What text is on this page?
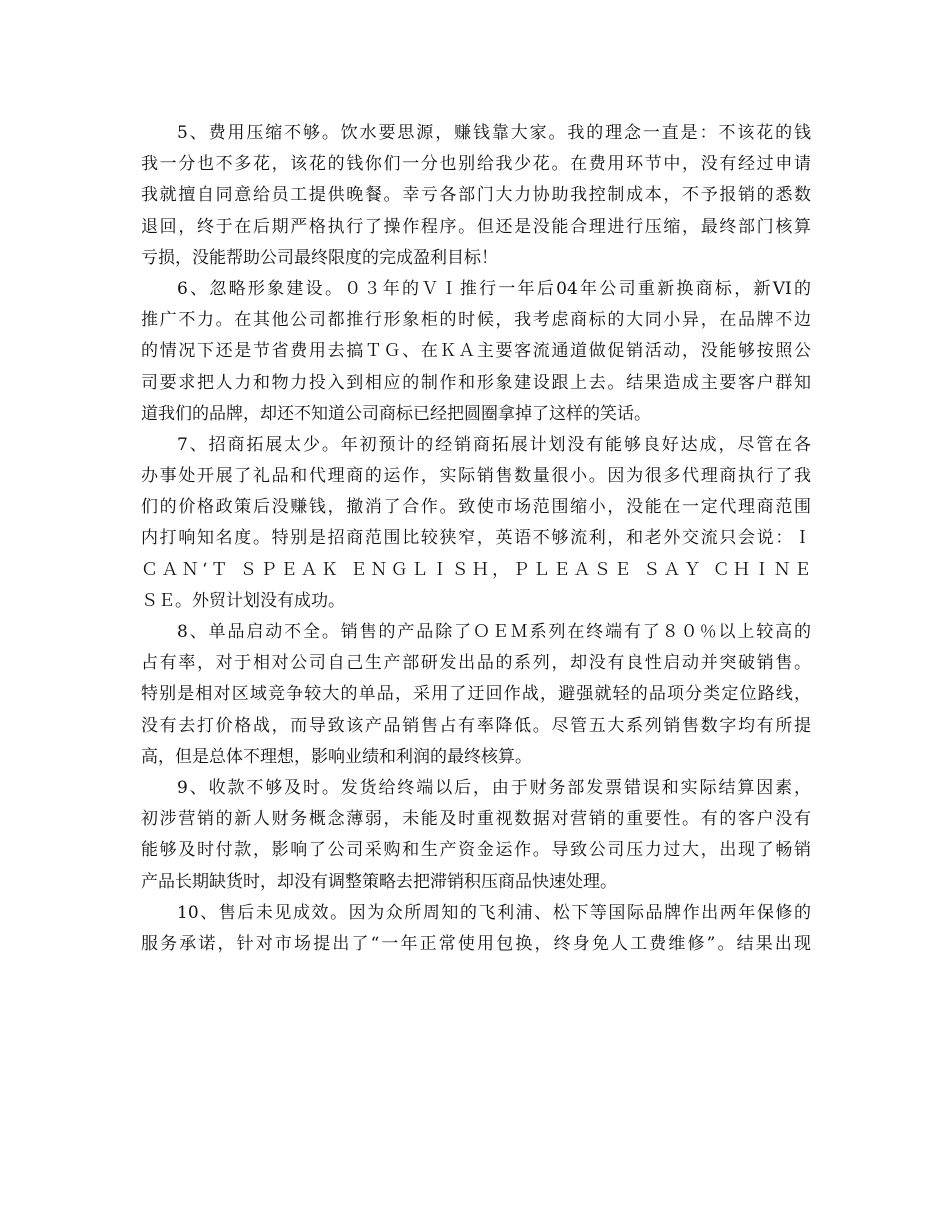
5、费用压缩不够。饮水要思源，赚钱靠大家。我的理念一直是：不该花的钱
我一分也不多花，该花的钱你们一分也别给我少花。在费用环节中，没有经过申请
我就擅自同意给员工提供晚餐。幸亏各部门大力协助我控制成本，不予报销的悉数
退回，终于在后期严格执行了操作程序。但还是没能合理进行压缩，最终部门核算
亏损，没能帮助公司最终限度的完成盈利目标！
6、忽略形象建设。０３年的ＶＩ推行一年后04年公司重新换商标，新VI的
推广不力。在其他公司都推行形象柜的时候，我考虑商标的大同小异，在品牌不边
的情况下还是节省费用去搞ＴＧ、在ＫＡ主要客流通道做促销活动，没能够按照公
司要求把人力和物力投入到相应的制作和形象建设跟上去。结果造成主要客户群知
道我们的品牌，却还不知道公司商标已经把圆圈拿掉了这样的笑话。
7、招商拓展太少。年初预计的经销商拓展计划没有能够良好达成，尽管在各
办事处开展了礼品和代理商的运作，实际销售数量很小。因为很多代理商执行了我
们的价格政策后没赚钱，撤消了合作。致使市场范围缩小，没能在一定代理商范围
内打响知名度。特别是招商范围比较狭窄，英语不够流利，和老外交流只会说：Ｉ
ＣＡＮ‘Ｔ ＳＰＥＡＫ ＥＮＧＬＩＳＨ，ＰＬＥＡＳＥ ＳＡＹ ＣＨＩＮＥ
ＳＥ。外贸计划没有成功。
8、单品启动不全。销售的产品除了ＯＥＭ系列在终端有了８０％以上较高的
占有率，对于相对公司自己生产部研发出品的系列，却没有良性启动并突破销售。
特别是相对区域竞争较大的单品，采用了迂回作战，避强就轻的品项分类定位路线，
没有去打价格战，而导致该产品销售占有率降低。尽管五大系列销售数字均有所提
高，但是总体不理想，影响业绩和利润的最终核算。
9、收款不够及时。发货给终端以后，由于财务部发票错误和实际结算因素，
初涉营销的新人财务概念薄弱，未能及时重视数据对营销的重要性。有的客户没有
能够及时付款，影响了公司采购和生产资金运作。导致公司压力过大，出现了畅销
产品长期缺货时，却没有调整策略去把滞销积压商品快速处理。
10、售后未见成效。因为众所周知的飞利浦、松下等国际品牌作出两年保修的
服务承诺，针对市场提出了“一年正常使用包换，终身免人工费维修”。结果出现
